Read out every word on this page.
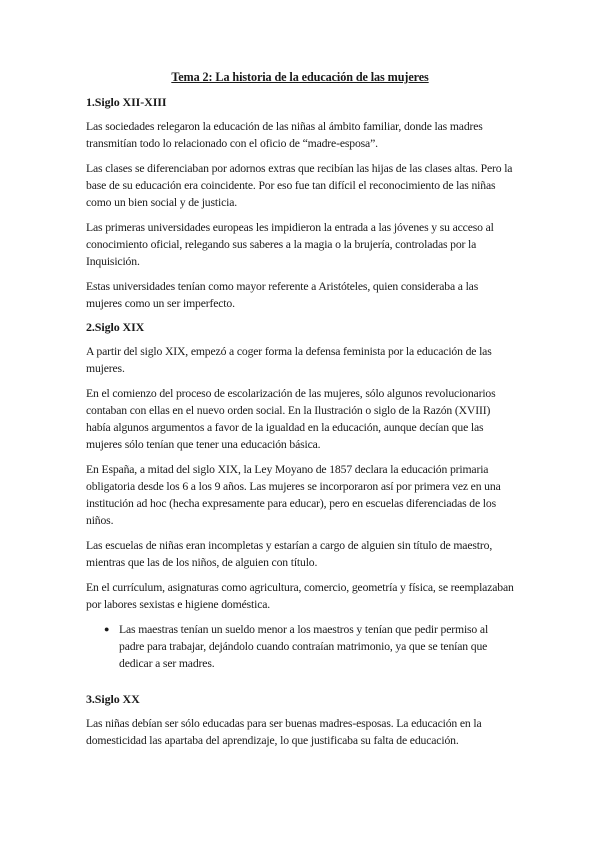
Tema 2: La historia de la educación de las mujeres
1.Siglo XII-XIII

Las sociedades relegaron la educación de las niñas al ámbito familiar, donde las madres transmitían todo lo relacionado con el oficio de “madre-esposa”.

Las clases se diferenciaban por adornos extras que recibían las hijas de las clases altas. Pero la base de su educación era coincidente. Por eso fue tan difícil el reconocimiento de las niñas como un bien social y de justicia.

Las primeras universidades europeas les impidieron la entrada a las jóvenes y su acceso al conocimiento oficial, relegando sus saberes a la magia o la brujería, controladas por la Inquisición.

Estas universidades tenían como mayor referente a Aristóteles, quien consideraba a las mujeres como un ser imperfecto.

2.Siglo XIX

A partir del siglo XIX, empezó a coger forma la defensa feminista por la educación de las mujeres.

En el comienzo del proceso de escolarización de las mujeres, sólo algunos revolucionarios contaban con ellas en el nuevo orden social. En la Ilustración o siglo de la Razón (XVIII) había algunos argumentos a favor de la igualdad en la educación, aunque decían que las mujeres sólo tenían que tener una educación básica.

En España, a mitad del siglo XIX, la Ley Moyano de 1857 declara la educación primaria obligatoria desde los 6 a los 9 años. Las mujeres se incorporaron así por primera vez en una institución ad hoc (hecha expresamente para educar), pero en escuelas diferenciadas de los niños.

Las escuelas de niñas eran incompletas y estarían a cargo de alguien sin título de maestro, mientras que las de los niños, de alguien con título.

En el currículum, asignaturas como agricultura, comercio, geometría y física, se reemplazaban por labores sexistas e higiene doméstica.

● Las maestras tenían un sueldo menor a los maestros y tenían que pedir permiso al padre para trabajar, dejándolo cuando contraían matrimonio, ya que se tenían que dedicar a ser madres.
3.Siglo XX

Las niñas debían ser sólo educadas para ser buenas madres-esposas. La educación en la domesticidad las apartaba del aprendizaje, lo que justificaba su falta de educación.
